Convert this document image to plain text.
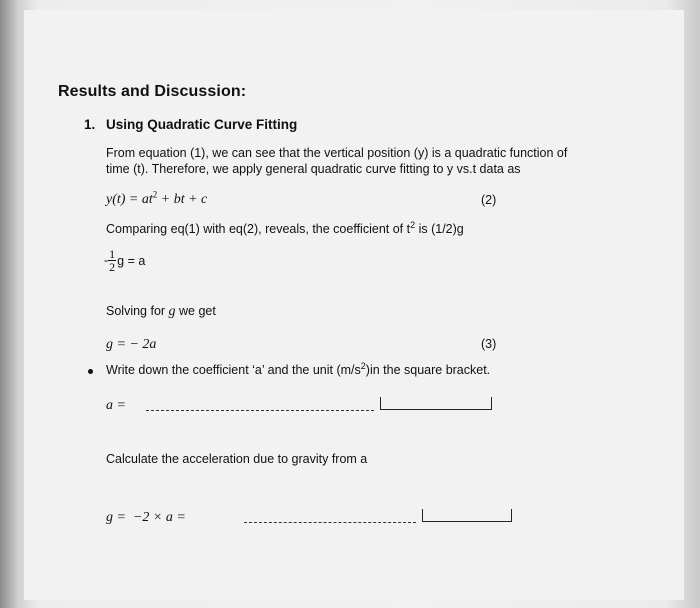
Results and Discussion:
1. Using Quadratic Curve Fitting
From equation (1), we can see that the vertical position (y) is a quadratic function of
time (t). Therefore, we apply general quadratic curve fitting to y vs.t data as
$y(t) = at^2$ + bt + c	(2)
Comparing eq(1) with eq(2), reveals, the coefficient of $t^2$ is (1/2)g
- $\frac{1}{2}$ g = a
Solving for g we get
g = − 2a	(3)
Write down the coefficient ‘a’ and the unit $(m/s^2)in$ the square bracket.
a =
Calculate the acceleration due to gravity from a
g =  −2 × a =
